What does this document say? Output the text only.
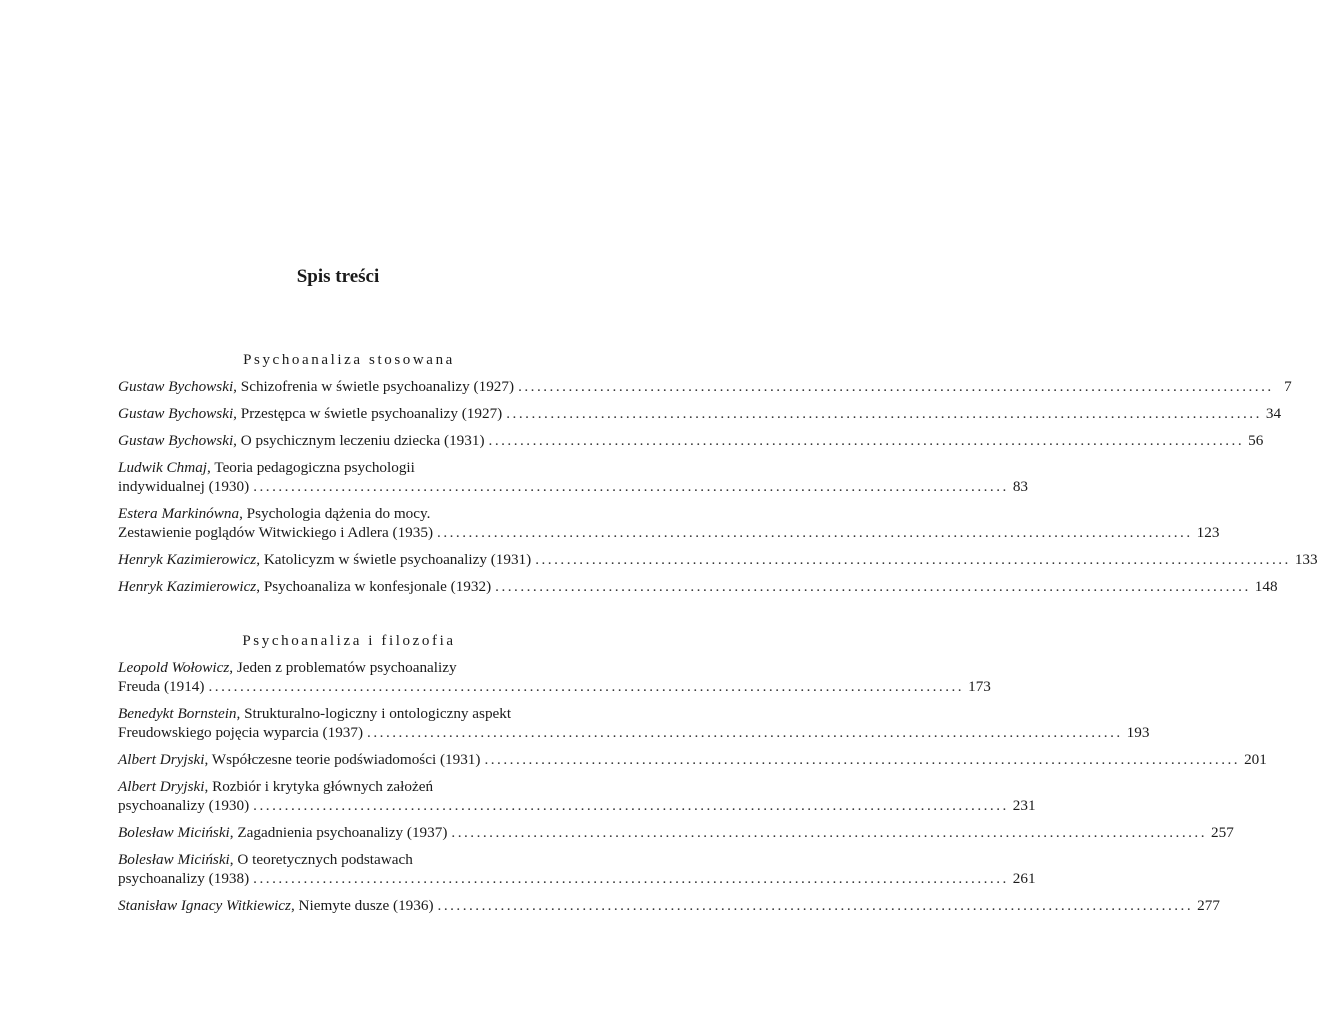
Spis treści
Psychoanaliza stosowana
Gustaw Bychowski, Schizofrenia w świetle psychoanalizy (1927) ........................................................................................................................ 7
Gustaw Bychowski, Przestępca w świetle psychoanalizy (1927) ........................................................................................................................ 34
Gustaw Bychowski, O psychicznym leczeniu dziecka (1931) ........................................................................................................................ 56
Ludwik Chmaj, Teoria pedagogiczna psychologii
indywidualnej (1930) ........................................................................................................................ 83
Estera Markinówna, Psychologia dążenia do mocy.
Zestawienie poglądów Witwickiego i Adlera (1935) ........................................................................................................................ 123
Henryk Kazimierowicz, Katolicyzm w świetle psychoanalizy (1931) ........................................................................................................................ 133
Henryk Kazimierowicz, Psychoanaliza w konfesjonale (1932) ........................................................................................................................ 148
Psychoanaliza i filozofia
Leopold Wołowicz, Jeden z problematów psychoanalizy
Freuda (1914) ........................................................................................................................ 173
Benedykt Bornstein, Strukturalno-logiczny i ontologiczny aspekt
Freudowskiego pojęcia wyparcia (1937) ........................................................................................................................ 193
Albert Dryjski, Współczesne teorie podświadomości (1931) ........................................................................................................................ 201
Albert Dryjski, Rozbiór i krytyka głównych założeń
psychoanalizy (1930) ........................................................................................................................ 231
Bolesław Miciński, Zagadnienia psychoanalizy (1937) ........................................................................................................................ 257
Bolesław Miciński, O teoretycznych podstawach
psychoanalizy (1938) ........................................................................................................................ 261
Stanisław Ignacy Witkiewicz, Niemyte dusze (1936) ........................................................................................................................ 277
